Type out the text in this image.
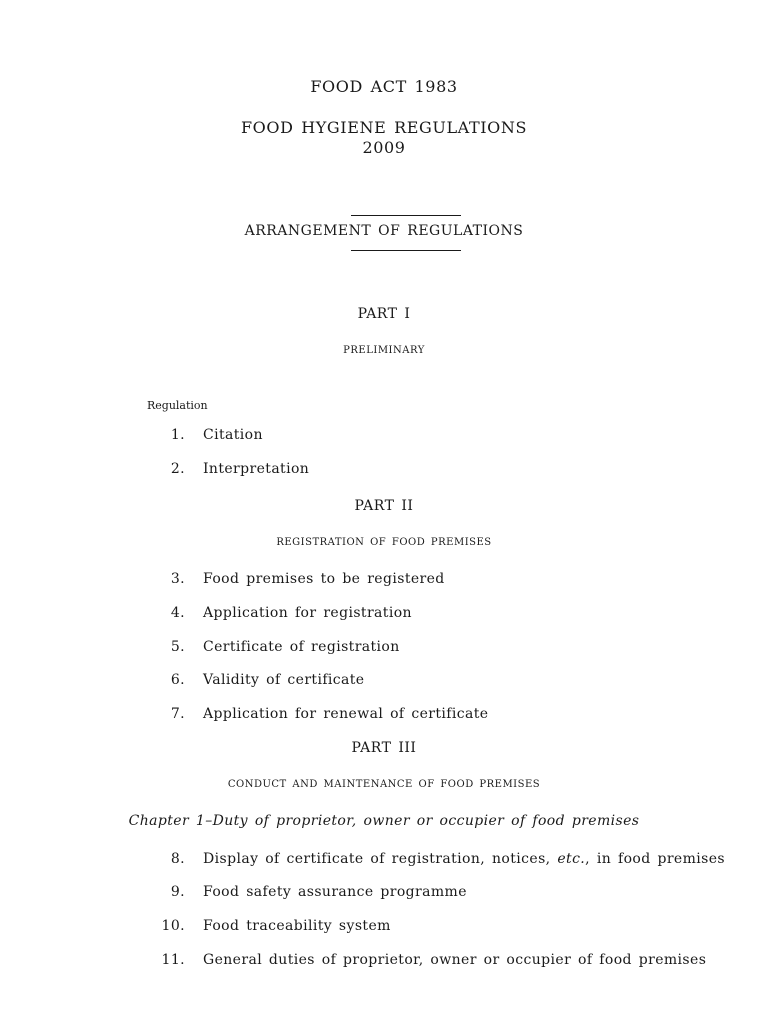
FOOD ACT 1983
FOOD HYGIENE REGULATIONS
2009
ARRANGEMENT OF REGULATIONS
PART I
PRELIMINARY
Regulation
1. Citation
2. Interpretation
PART II
REGISTRATION OF FOOD PREMISES
3. Food premises to be registered
4. Application for registration
5. Certificate of registration
6. Validity of certificate
7. Application for renewal of certificate
PART III
CONDUCT AND MAINTENANCE OF FOOD PREMISES
Chapter 1–Duty of proprietor, owner or occupier of food premises
8. Display of certificate of registration, notices, etc., in food premises
9. Food safety assurance programme
10. Food traceability system
11. General duties of proprietor, owner or occupier of food premises
